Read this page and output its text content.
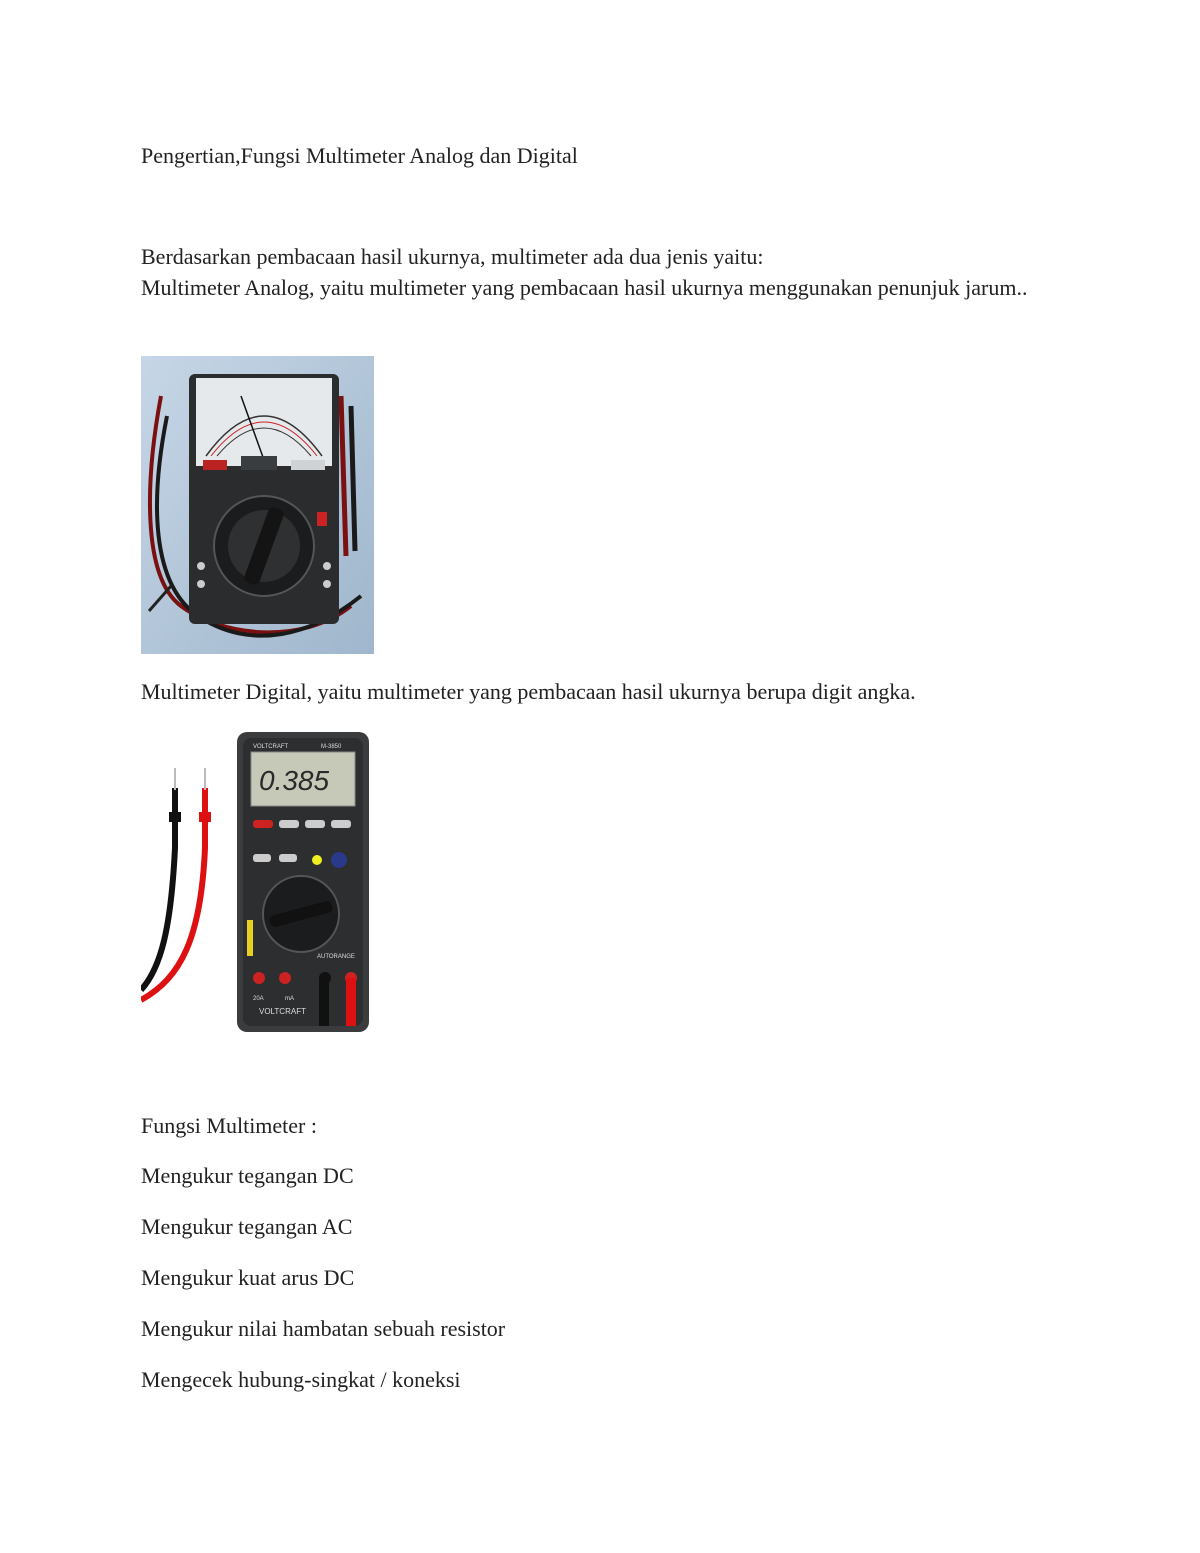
Pengertian,Fungsi Multimeter Analog dan Digital
Berdasarkan pembacaan hasil ukurnya, multimeter ada dua jenis yaitu:
Multimeter Analog, yaitu multimeter yang pembacaan hasil ukurnya menggunakan penunjuk jarum..
Multimeter Digital, yaitu multimeter yang pembacaan hasil ukurnya berupa digit angka.
VOLTCRAFT	M-3850
0.385
AUTORANGE
20A	mA
VOLTCRAFT
Fungsi Multimeter :
Mengukur tegangan DC
Mengukur tegangan AC
Mengukur kuat arus DC
Mengukur nilai hambatan sebuah resistor
Mengecek hubung-singkat / koneksi
